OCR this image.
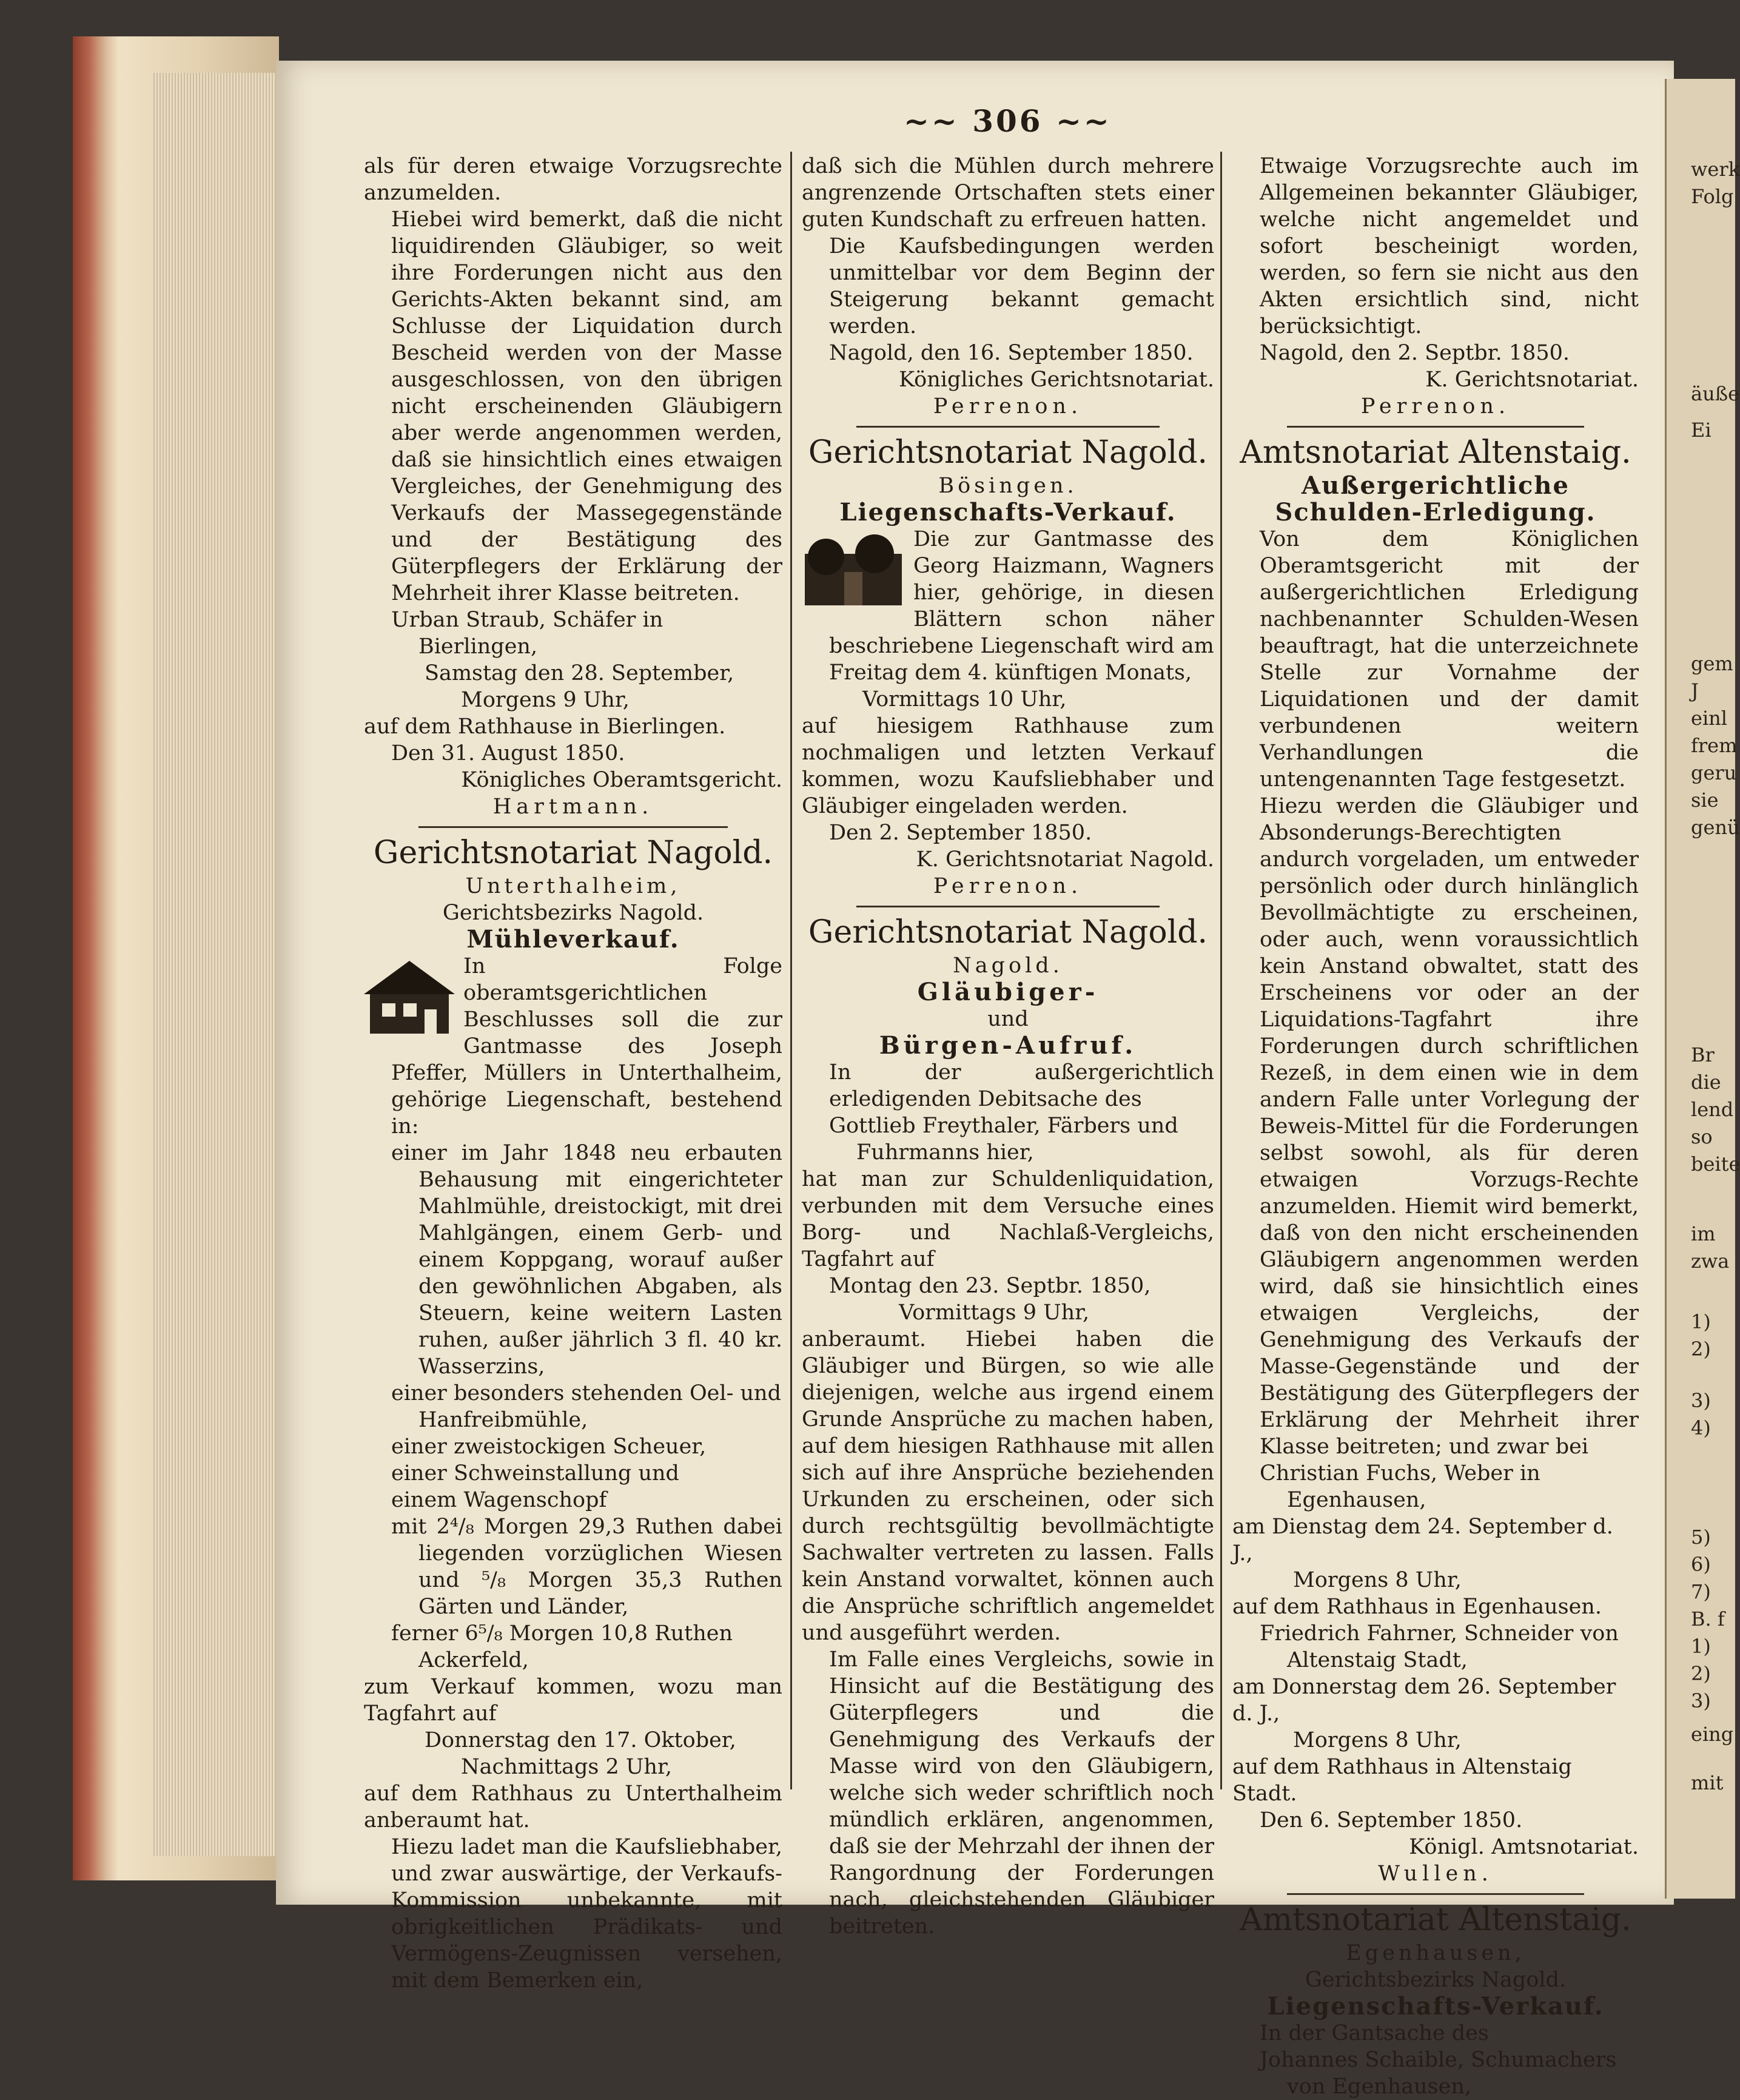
~~ 306 ~~

als für deren etwaige Vorzugsrechte anzumelden.

Hiebei wird bemerkt, daß die nicht liquidirenden Gläubiger, so weit ihre Forderungen nicht aus den Gerichts-Akten bekannt sind, am Schlusse der Liquidation durch Bescheid werden von der Masse ausgeschlossen, von den übrigen nicht erscheinenden Gläubigern aber werde angenommen werden, daß sie hinsichtlich eines etwaigen Vergleiches, der Genehmigung des Verkaufs der Massegegenstände und der Bestätigung des Güterpflegers der Erklärung der Mehrheit ihrer Klasse beitreten.

Urban Straub, Schäfer in Bierlingen,

Samstag den 28. September,

Morgens 9 Uhr,

auf dem Rathhause in Bierlingen.

Den 31. August 1850.

Königliches Oberamtsgericht.

Hartmann.

Gerichtsnotariat Nagold.

Unterthalheim,

Gerichtsbezirks Nagold.

Mühleverkauf.

In Folge oberamtsgerichtlichen Beschlusses soll die zur Gantmasse des Joseph Pfeffer, Müllers in Unterthalheim, gehörige Liegenschaft, bestehend in:

einer im Jahr 1848 neu erbauten Behausung mit eingerichteter Mahlmühle, dreistockigt, mit drei Mahlgängen, einem Gerb- und einem Koppgang, worauf außer den gewöhnlichen Abgaben, als Steuern, keine weitern Lasten ruhen, außer jährlich 3 fl. 40 kr. Wasserzins,

einer besonders stehenden Oel- und Hanfreibmühle,

einer zweistockigen Scheuer,

einer Schweinstallung und

einem Wagenschopf

mit 2⁴/₈ Morgen 29,3 Ruthen dabei liegenden vorzüglichen Wiesen und ⁵/₈ Morgen 35,3 Ruthen Gärten und Länder,

ferner 6⁵/₈ Morgen 10,8 Ruthen Ackerfeld,

zum Verkauf kommen, wozu man Tagfahrt auf

Donnerstag den 17. Oktober,

Nachmittags 2 Uhr,

auf dem Rathhaus zu Unterthalheim anberaumt hat.

Hiezu ladet man die Kaufsliebhaber, und zwar auswärtige, der Verkaufs-Kommission unbekannte, mit obrigkeitlichen Prädikats- und Vermögens-Zeugnissen versehen, mit dem Bemerken ein,

daß sich die Mühlen durch mehrere angrenzende Ortschaften stets einer guten Kundschaft zu erfreuen hatten.

Die Kaufsbedingungen werden unmittelbar vor dem Beginn der Steigerung bekannt gemacht werden.

Nagold, den 16. September 1850.

Königliches Gerichtsnotariat.

Perrenon.

Gerichtsnotariat Nagold.

Bösingen.

Liegenschafts-Verkauf.

Die zur Gantmasse des Georg Haizmann, Wagners hier, gehörige, in diesen Blättern schon näher beschriebene Liegenschaft wird am

Freitag dem 4. künftigen Monats,

Vormittags 10 Uhr,

auf hiesigem Rathhause zum nochmaligen und letzten Verkauf kommen, wozu Kaufsliebhaber und Gläubiger eingeladen werden.

Den 2. September 1850.

K. Gerichtsnotariat Nagold.

Perrenon.

Gerichtsnotariat Nagold.

Nagold.

Gläubiger-

und

Bürgen-Aufruf.

In der außergerichtlich erledigenden Debitsache des

Gottlieb Freythaler, Färbers und Fuhrmanns hier,

hat man zur Schuldenliquidation, verbunden mit dem Versuche eines Borg- und Nachlaß-Vergleichs, Tagfahrt auf

Montag den 23. Septbr. 1850,

Vormittags 9 Uhr,

anberaumt. Hiebei haben die Gläubiger und Bürgen, so wie alle diejenigen, welche aus irgend einem Grunde Ansprüche zu machen haben, auf dem hiesigen Rathhause mit allen sich auf ihre Ansprüche beziehenden Urkunden zu erscheinen, oder sich durch rechtsgültig bevollmächtigte Sachwalter vertreten zu lassen. Falls kein Anstand vorwaltet, können auch die Ansprüche schriftlich angemeldet und ausgeführt werden.

Im Falle eines Vergleichs, sowie in Hinsicht auf die Bestätigung des Güterpflegers und die Genehmigung des Verkaufs der Masse wird von den Gläubigern, welche sich weder schriftlich noch mündlich erklären, angenommen, daß sie der Mehrzahl der ihnen der Rangordnung der Forderungen nach, gleichstehenden Gläubiger beitreten.

Etwaige Vorzugsrechte auch im Allgemeinen bekannter Gläubiger, welche nicht angemeldet und sofort bescheinigt worden, werden, so fern sie nicht aus den Akten ersichtlich sind, nicht berücksichtigt.

Nagold, den 2. Septbr. 1850.

K. Gerichtsnotariat.

Perrenon.

Amtsnotariat Altenstaig.
Außergerichtliche
Schulden-Erledigung.

Von dem Königlichen Oberamtsgericht mit der außergerichtlichen Erledigung nachbenannter Schulden-Wesen beauftragt, hat die unterzeichnete Stelle zur Vornahme der Liquidationen und der damit verbundenen weitern Verhandlungen die untengenannten Tage festgesetzt.

Hiezu werden die Gläubiger und Absonderungs-Berechtigten andurch vorgeladen, um entweder persönlich oder durch hinlänglich Bevollmächtigte zu erscheinen, oder auch, wenn voraussichtlich kein Anstand obwaltet, statt des Erscheinens vor oder an der Liquidations-Tagfahrt ihre Forderungen durch schriftlichen Rezeß, in dem einen wie in dem andern Falle unter Vorlegung der Beweis-Mittel für die Forderungen selbst sowohl, als für deren etwaigen Vorzugs-Rechte anzumelden. Hiemit wird bemerkt, daß von den nicht erscheinenden Gläubigern angenommen werden wird, daß sie hinsichtlich eines etwaigen Vergleichs, der Genehmigung des Verkaufs der Masse-Gegenstände und der Bestätigung des Güterpflegers der Erklärung der Mehrheit ihrer Klasse beitreten; und zwar bei

Christian Fuchs, Weber in Egenhausen,

am Dienstag dem 24. September d. J.,

Morgens 8 Uhr,

auf dem Rathhaus in Egenhausen.

Friedrich Fahrner, Schneider von Altenstaig Stadt,

am Donnerstag dem 26. September d. J.,

Morgens 8 Uhr,

auf dem Rathhaus in Altenstaig Stadt.

Den 6. September 1850.

Königl. Amtsnotariat.

Wullen.

Amtsnotariat Altenstaig.

Egenhausen,

Gerichtsbezirks Nagold.

Liegenschafts-Verkauf.

In der Gantsache des

Johannes Schaible, Schumachers von Egenhausen,

werk
Folg
äuße
Ei
gem
J
einl
frem
geru
sie
genü
Br
die
lend
so
beite
im
zwa
1)
2)
3)
4)
5)
6)
7)
B. f
1)
2)
3)
eing
mit
